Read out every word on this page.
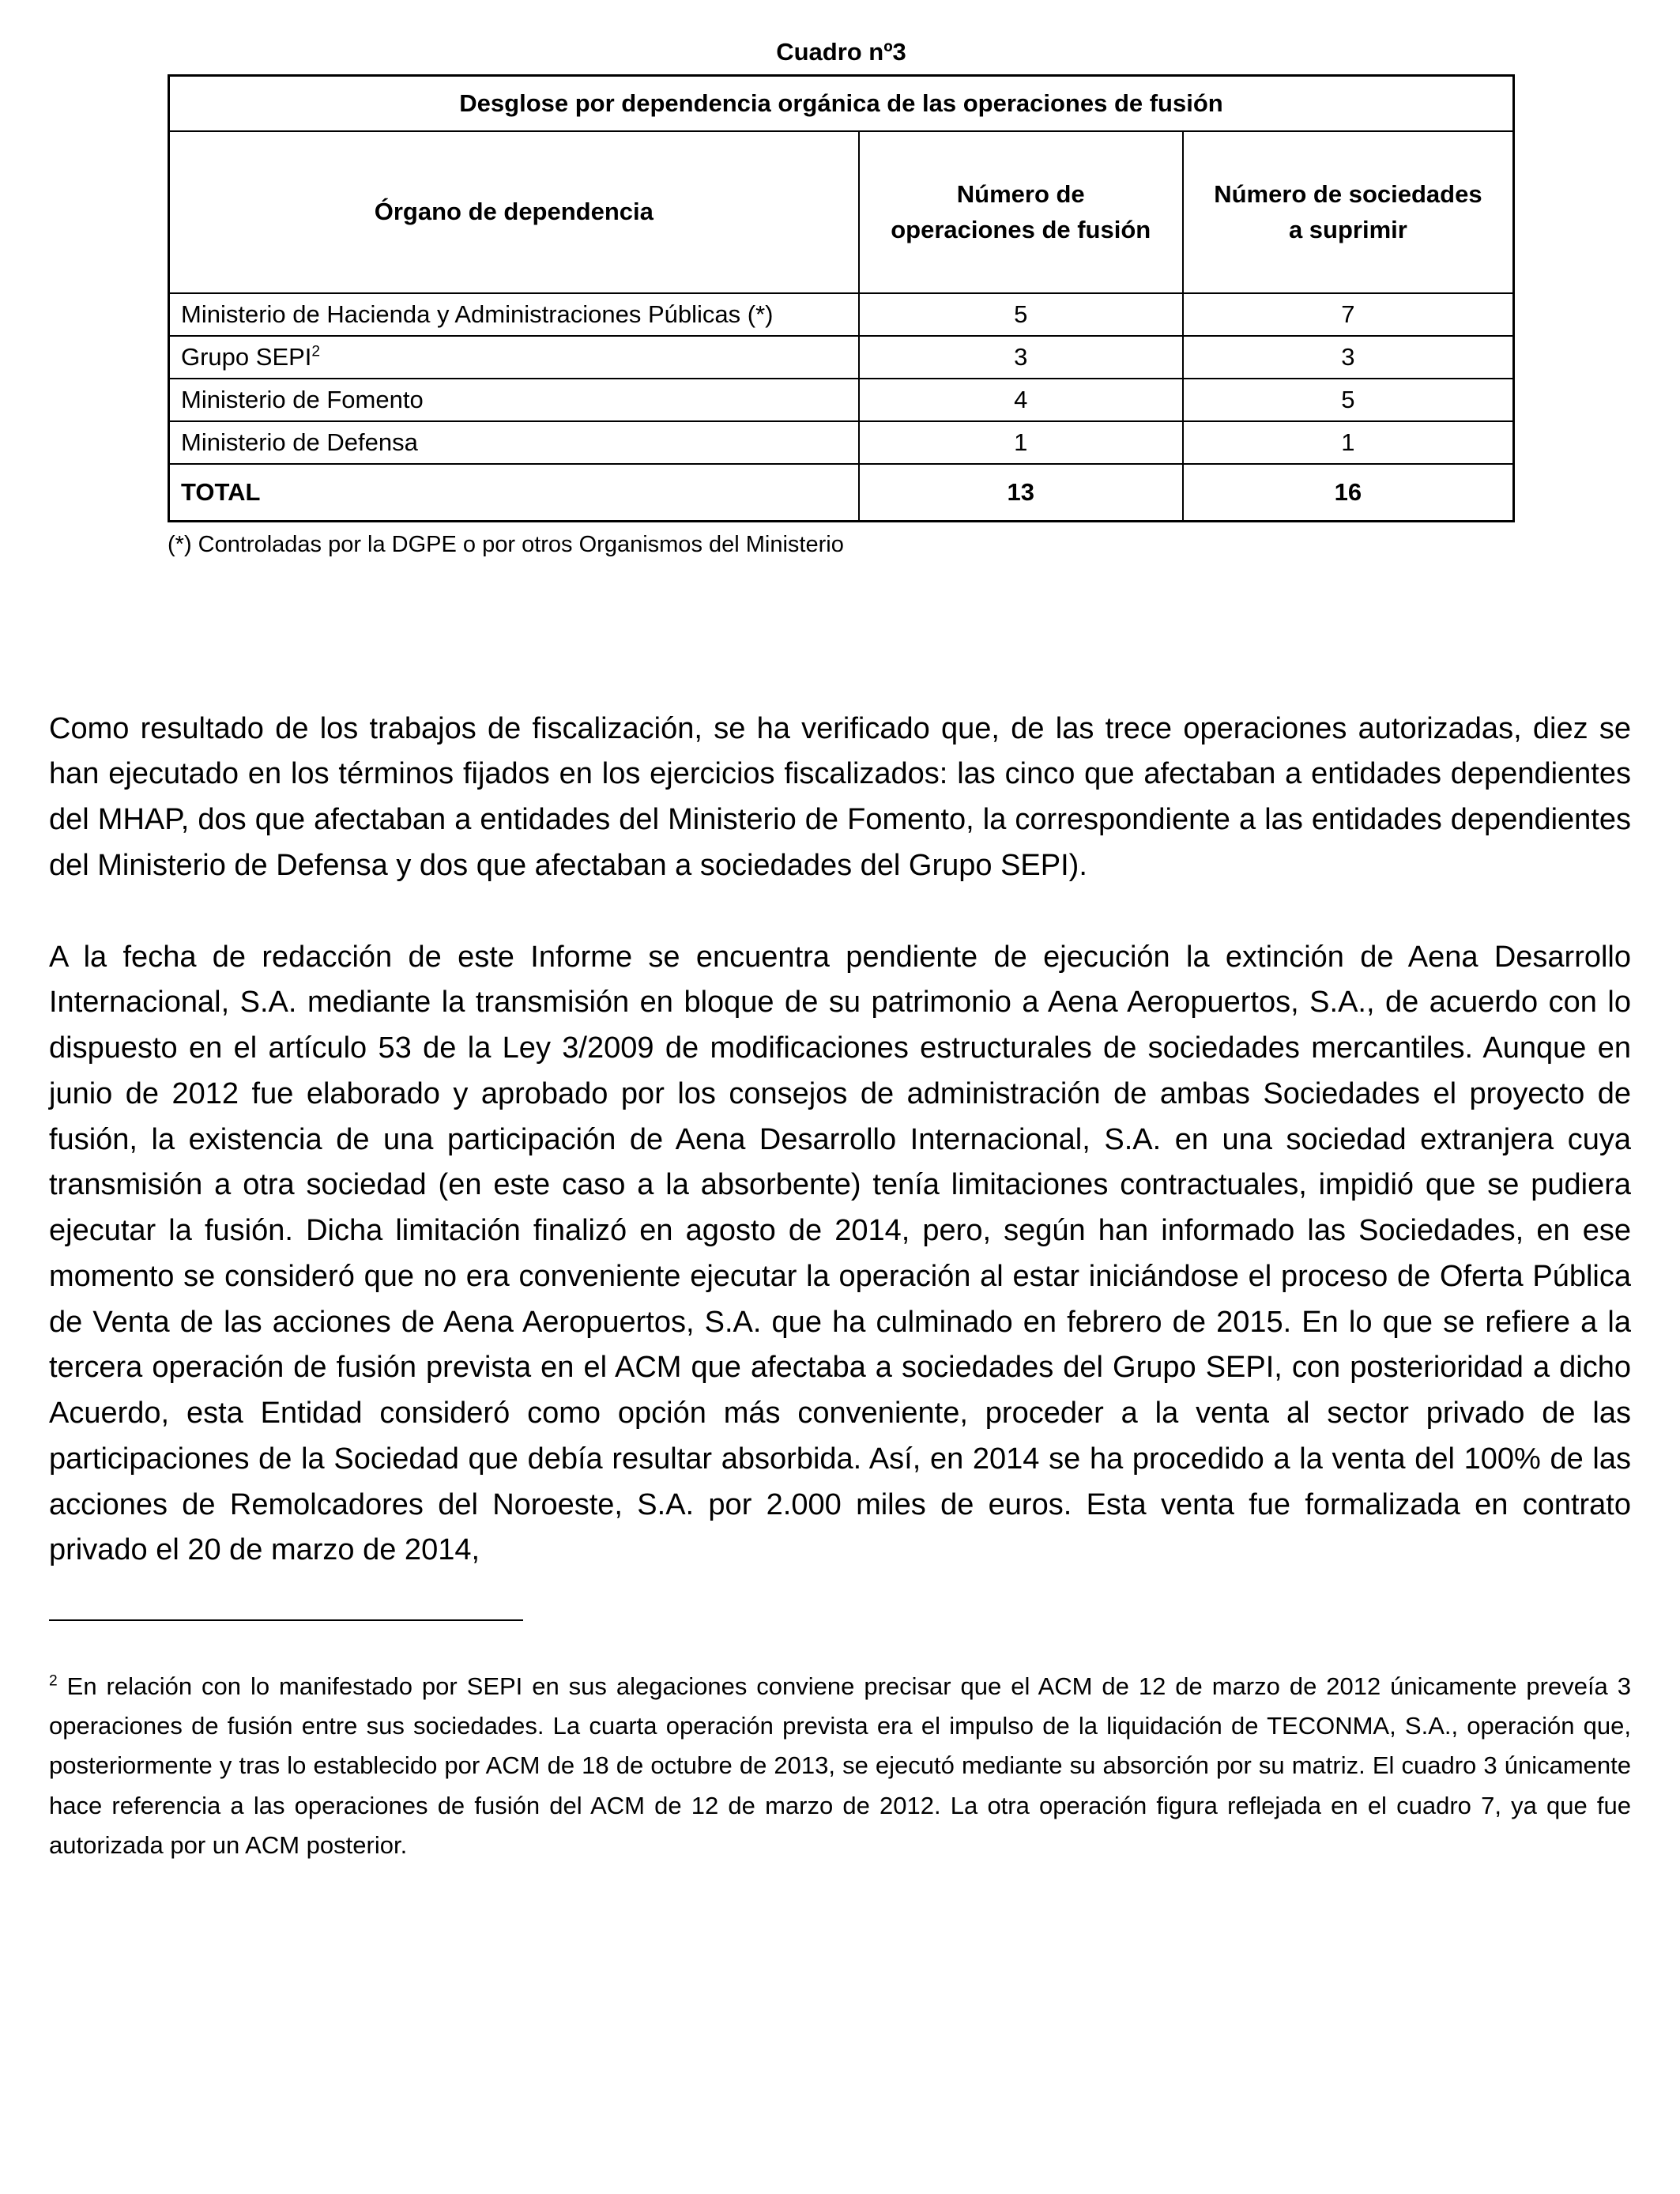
Cuadro nº3
Desglose por dependencia orgánica de las operaciones de fusión		
Órgano de dependencia	Número de operaciones de fusión	Número de sociedades a suprimir
Ministerio de Hacienda y Administraciones Públicas (*)	5	7
Grupo SEPI$^2$	3	3
Ministerio de Fomento	4	5
Ministerio de Defensa	1	1
TOTAL	13	16
(*) Controladas por la DGPE o por otros Organismos del Ministerio

Como resultado de los trabajos de fiscalización, se ha verificado que, de las trece operaciones autorizadas, diez se han ejecutado en los términos fijados en los ejercicios fiscalizados: las cinco que afectaban a entidades dependientes del MHAP, dos que afectaban a entidades del Ministerio de Fomento, la correspondiente a las entidades dependientes del Ministerio de Defensa y dos que afectaban a sociedades del Grupo SEPI).

A la fecha de redacción de este Informe se encuentra pendiente de ejecución la extinción de Aena Desarrollo Internacional, S.A. mediante la transmisión en bloque de su patrimonio a Aena Aeropuertos, S.A., de acuerdo con lo dispuesto en el artículo 53 de la Ley 3/2009 de modificaciones estructurales de sociedades mercantiles. Aunque en junio de 2012 fue elaborado y aprobado por los consejos de administración de ambas Sociedades el proyecto de fusión, la existencia de una participación de Aena Desarrollo Internacional, S.A. en una sociedad extranjera cuya transmisión a otra sociedad (en este caso a la absorbente) tenía limitaciones contractuales, impidió que se pudiera ejecutar la fusión. Dicha limitación finalizó en agosto de 2014, pero, según han informado las Sociedades, en ese momento se consideró que no era conveniente ejecutar la operación al estar iniciándose el proceso de Oferta Pública de Venta de las acciones de Aena Aeropuertos, S.A. que ha culminado en febrero de 2015. En lo que se refiere a la tercera operación de fusión prevista en el ACM que afectaba a sociedades del Grupo SEPI, con posterioridad a dicho Acuerdo, esta Entidad consideró como opción más conveniente, proceder a la venta al sector privado de las participaciones de la Sociedad que debía resultar absorbida. Así, en 2014 se ha procedido a la venta del 100% de las acciones de Remolcadores del Noroeste, S.A. por 2.000 miles de euros. Esta venta fue formalizada en contrato privado el 20 de marzo de 2014,

$^2$ En relación con lo manifestado por SEPI en sus alegaciones conviene precisar que el ACM de 12 de marzo de 2012 únicamente preveía 3 operaciones de fusión entre sus sociedades. La cuarta operación prevista era el impulso de la liquidación de TECONMA, S.A., operación que, posteriormente y tras lo establecido por ACM de 18 de octubre de 2013, se ejecutó mediante su absorción por su matriz. El cuadro 3 únicamente hace referencia a las operaciones de fusión del ACM de 12 de marzo de 2012. La otra operación figura reflejada en el cuadro 7, ya que fue autorizada por un ACM posterior.
